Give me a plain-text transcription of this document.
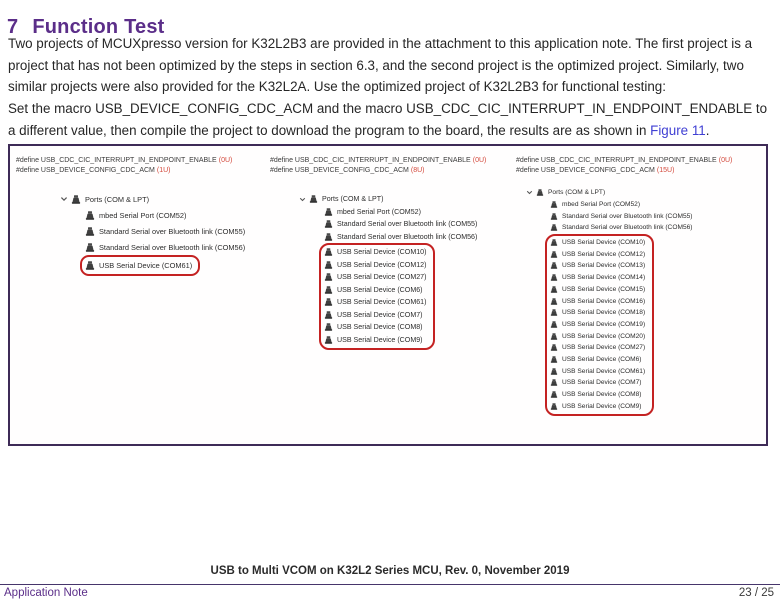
7 Function Test

Two projects of MCUXpresso version for K32L2B3 are provided in the attachment to this application note. The first project is a project that has not been optimized by the steps in section 6.3, and the second project is the optimized project. Similarly, two similar projects were also provided for the K32L2A. Use the optimized project of K32L2B3 for functional testing:

Set the macro USB_DEVICE_CONFIG_CDC_ACM and the macro USB_CDC_CIC_INTERRUPT_IN_ENDPOINT_ENDABLE to a different value, then compile the project to download the program to the board, the results are as shown in Figure 11.

#define USB_CDC_CIC_INTERRUPT_IN_ENDPOINT_ENABLE (0U)
#define USB_DEVICE_CONFIG_CDC_ACM (1U)
Ports (COM & LPT)
mbed Serial Port (COM52)
Standard Serial over Bluetooth link (COM55)
Standard Serial over Bluetooth link (COM56)
USB Serial Device (COM61)
#define USB_CDC_CIC_INTERRUPT_IN_ENDPOINT_ENABLE (0U)
#define USB_DEVICE_CONFIG_CDC_ACM (8U)
Ports (COM & LPT)
mbed Serial Port (COM52)
Standard Serial over Bluetooth link (COM55)
Standard Serial over Bluetooth link (COM56)
USB Serial Device (COM10)
USB Serial Device (COM12)
USB Serial Device (COM27)
USB Serial Device (COM6)
USB Serial Device (COM61)
USB Serial Device (COM7)
USB Serial Device (COM8)
USB Serial Device (COM9)
#define USB_CDC_CIC_INTERRUPT_IN_ENDPOINT_ENABLE (0U)
#define USB_DEVICE_CONFIG_CDC_ACM (15U)
Ports (COM & LPT)
mbed Serial Port (COM52)
Standard Serial over Bluetooth link (COM55)
Standard Serial over Bluetooth link (COM56)
USB Serial Device (COM10)
USB Serial Device (COM12)
USB Serial Device (COM13)
USB Serial Device (COM14)
USB Serial Device (COM15)
USB Serial Device (COM16)
USB Serial Device (COM18)
USB Serial Device (COM19)
USB Serial Device (COM20)
USB Serial Device (COM27)
USB Serial Device (COM6)
USB Serial Device (COM61)
USB Serial Device (COM7)
USB Serial Device (COM8)
USB Serial Device (COM9)
USB to Multi VCOM on K32L2 Series MCU, Rev. 0, November 2019
Application Note	23 / 25
